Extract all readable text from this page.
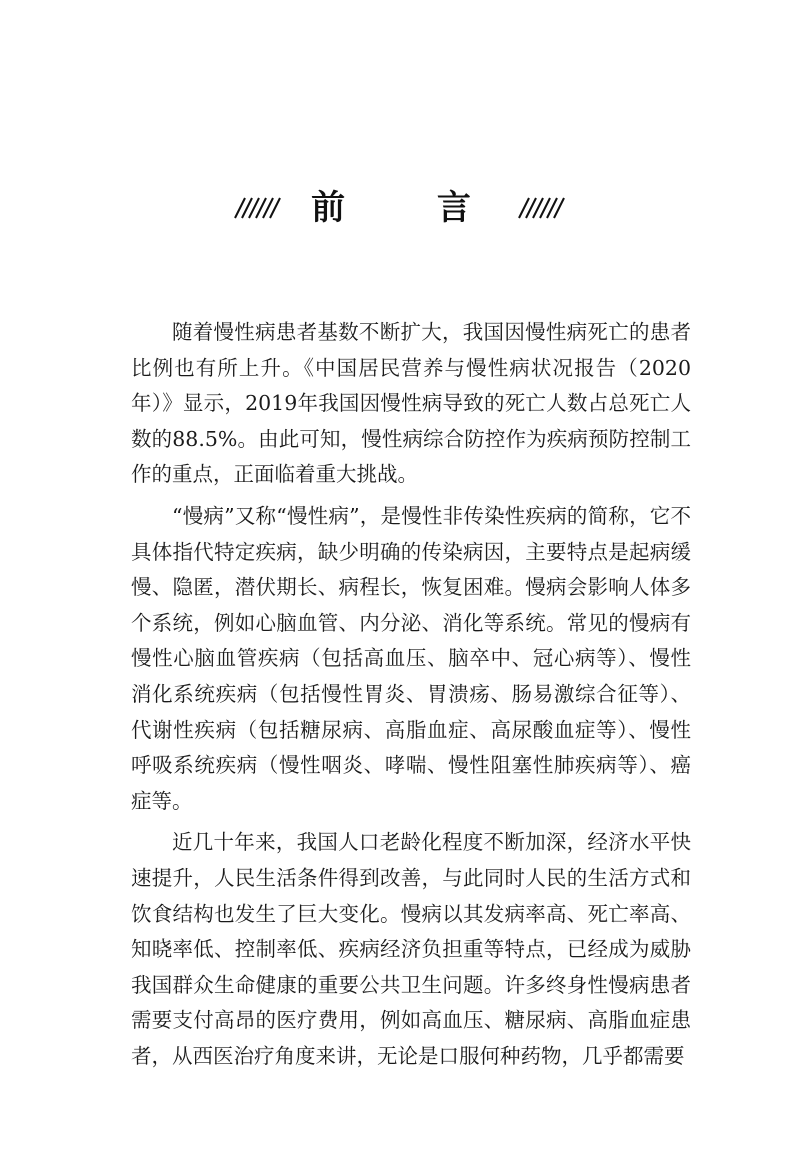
前 言

随着慢性病患者基数不断扩大，我国因慢性病死亡的患者比例也有所上升。《中国居民营养与慢性病状况报告（2020年）》显示，2019年我国因慢性病导致的死亡人数占总死亡人数的88.5%。由此可知，慢性病综合防控作为疾病预防控制工作的重点，正面临着重大挑战。

“慢病”又称“慢性病”，是慢性非传染性疾病的简称，它不具体指代特定疾病，缺少明确的传染病因，主要特点是起病缓慢、隐匿，潜伏期长、病程长，恢复困难。慢病会影响人体多个系统，例如心脑血管、内分泌、消化等系统。常见的慢病有慢性心脑血管疾病（包括高血压、脑卒中、冠心病等）、慢性消化系统疾病（包括慢性胃炎、胃溃疡、肠易激综合征等）、代谢性疾病（包括糖尿病、高脂血症、高尿酸血症等）、慢性呼吸系统疾病（慢性咽炎、哮喘、慢性阻塞性肺疾病等）、癌症等。

近几十年来，我国人口老龄化程度不断加深，经济水平快速提升，人民生活条件得到改善，与此同时人民的生活方式和饮食结构也发生了巨大变化。慢病以其发病率高、死亡率高、知晓率低、控制率低、疾病经济负担重等特点，已经成为威胁我国群众生命健康的重要公共卫生问题。许多终身性慢病患者需要支付高昂的医疗费用，例如高血压、糖尿病、高脂血症患者，从西医治疗角度来讲，无论是口服何种药物，几乎都需要
